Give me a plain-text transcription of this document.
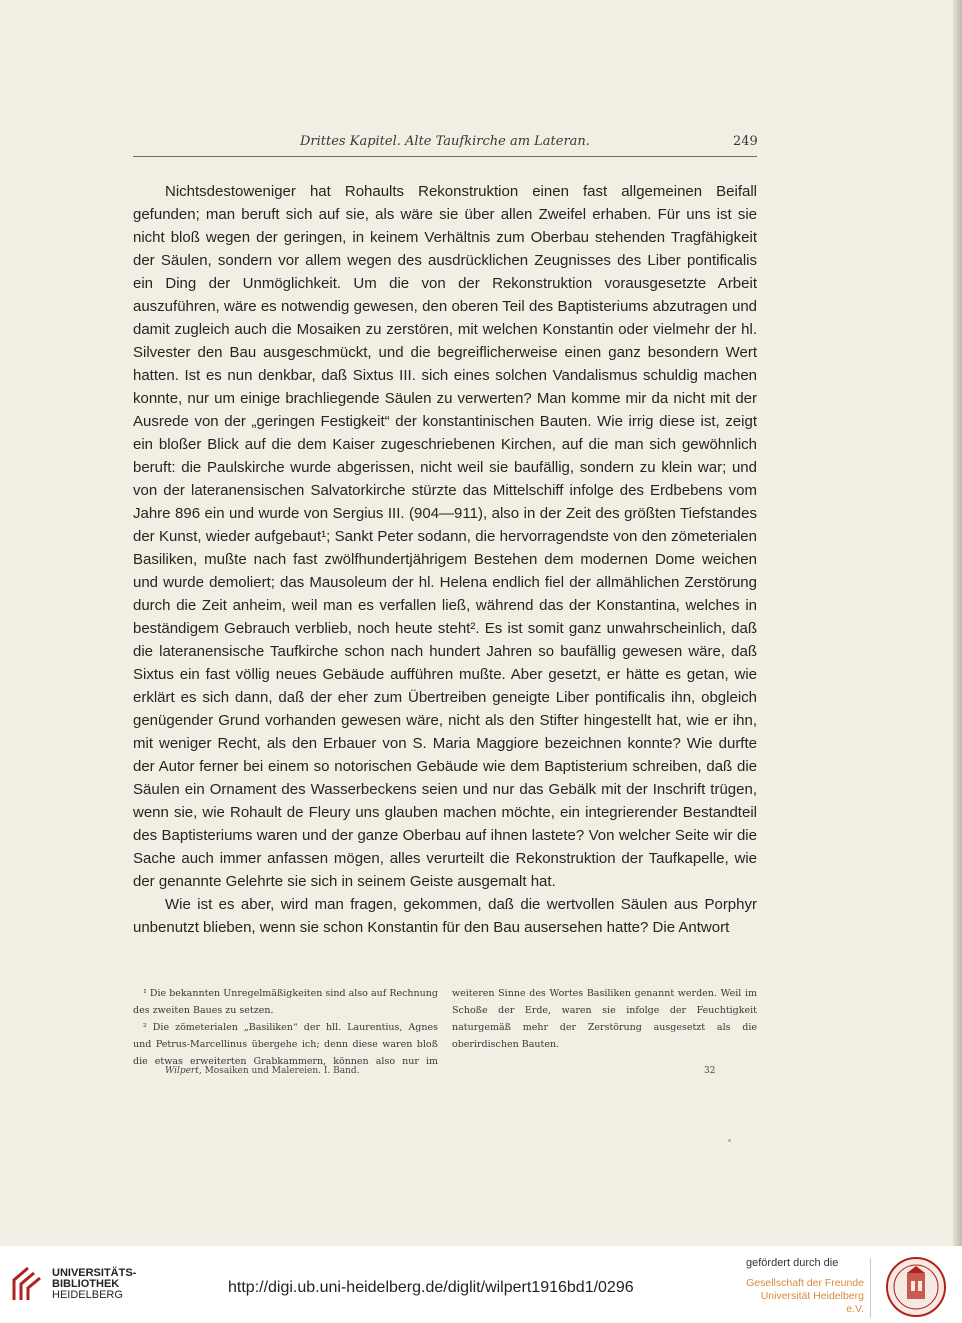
Drittes Kapitel. Alte Taufkirche am Lateran.	249

Nichtsdestoweniger hat Rohaults Rekonstruktion einen fast allgemeinen Beifall gefunden; man beruft sich auf sie, als wäre sie über allen Zweifel erhaben. Für uns ist sie nicht bloß wegen der geringen, in keinem Verhältnis zum Oberbau stehenden Tragfähigkeit der Säulen, sondern vor allem wegen des ausdrücklichen Zeugnisses des Liber pontificalis ein Ding der Unmöglichkeit. Um die von der Rekonstruktion vorausgesetzte Arbeit auszuführen, wäre es notwendig gewesen, den oberen Teil des Baptisteriums abzutragen und damit zugleich auch die Mosaiken zu zerstören, mit welchen Konstantin oder vielmehr der hl. Silvester den Bau ausgeschmückt, und die begreiflicherweise einen ganz besondern Wert hatten. Ist es nun denkbar, daß Sixtus III. sich eines solchen Vandalismus schuldig machen konnte, nur um einige brachliegende Säulen zu verwerten? Man komme mir da nicht mit der Ausrede von der „geringen Festigkeit“ der konstantinischen Bauten. Wie irrig diese ist, zeigt ein bloßer Blick auf die dem Kaiser zugeschriebenen Kirchen, auf die man sich gewöhnlich beruft: die Paulskirche wurde abgerissen, nicht weil sie baufällig, sondern zu klein war; und von der lateranensischen Salvatorkirche stürzte das Mittelschiff infolge des Erdbebens vom Jahre 896 ein und wurde von Sergius III. (904—911), also in der Zeit des größten Tiefstandes der Kunst, wieder aufgebaut¹; Sankt Peter sodann, die hervorragendste von den zömeterialen Basiliken, mußte nach fast zwölfhundertjährigem Bestehen dem modernen Dome weichen und wurde demoliert; das Mausoleum der hl. Helena endlich fiel der allmählichen Zerstörung durch die Zeit anheim, weil man es verfallen ließ, während das der Konstantina, welches in beständigem Gebrauch verblieb, noch heute steht². Es ist somit ganz unwahrscheinlich, daß die lateranensische Taufkirche schon nach hundert Jahren so baufällig gewesen wäre, daß Sixtus ein fast völlig neues Gebäude aufführen mußte. Aber gesetzt, er hätte es getan, wie erklärt es sich dann, daß der eher zum Übertreiben geneigte Liber pontificalis ihn, obgleich genügender Grund vorhanden gewesen wäre, nicht als den Stifter hingestellt hat, wie er ihn, mit weniger Recht, als den Erbauer von S. Maria Maggiore bezeichnen konnte? Wie durfte der Autor ferner bei einem so notorischen Gebäude wie dem Baptisterium schreiben, daß die Säulen ein Ornament des Wasserbeckens seien und nur das Gebälk mit der Inschrift trügen, wenn sie, wie Rohault de Fleury uns glauben machen möchte, ein integrierender Bestandteil des Baptisteriums waren und der ganze Oberbau auf ihnen lastete? Von welcher Seite wir die Sache auch immer anfassen mögen, alles verurteilt die Rekonstruktion der Taufkapelle, wie der genannte Gelehrte sie sich in seinem Geiste ausgemalt hat.

Wie ist es aber, wird man fragen, gekommen, daß die wertvollen Säulen aus Porphyr unbenutzt blieben, wenn sie schon Konstantin für den Bau ausersehen hatte? Die Antwort

¹ Die bekannten Unregelmäßigkeiten sind also auf Rechnung des zweiten Baues zu setzen.

² Die zömeterialen „Basiliken“ der hll. Laurentius, Agnes und Petrus-Marcellinus übergehe ich; denn diese waren bloß die etwas erweiterten Grabkammern, können also nur im weiteren Sinne des Wortes Basiliken genannt werden. Weil im Schoße der Erde, waren sie infolge der Feuchtigkeit naturgemäß mehr der Zerstörung ausgesetzt als die oberirdischen Bauten.

Wilpert, Mosaiken und Malereien. I. Band.	32
UNIVERSITÄTS-
BIBLIOTHEK
HEIDELBERG	http://digi.ub.uni-heidelberg.de/diglit/wilpert1916bd1/0296
gefördert durch die
Gesellschaft der Freunde
Universität Heidelberg e.V.
